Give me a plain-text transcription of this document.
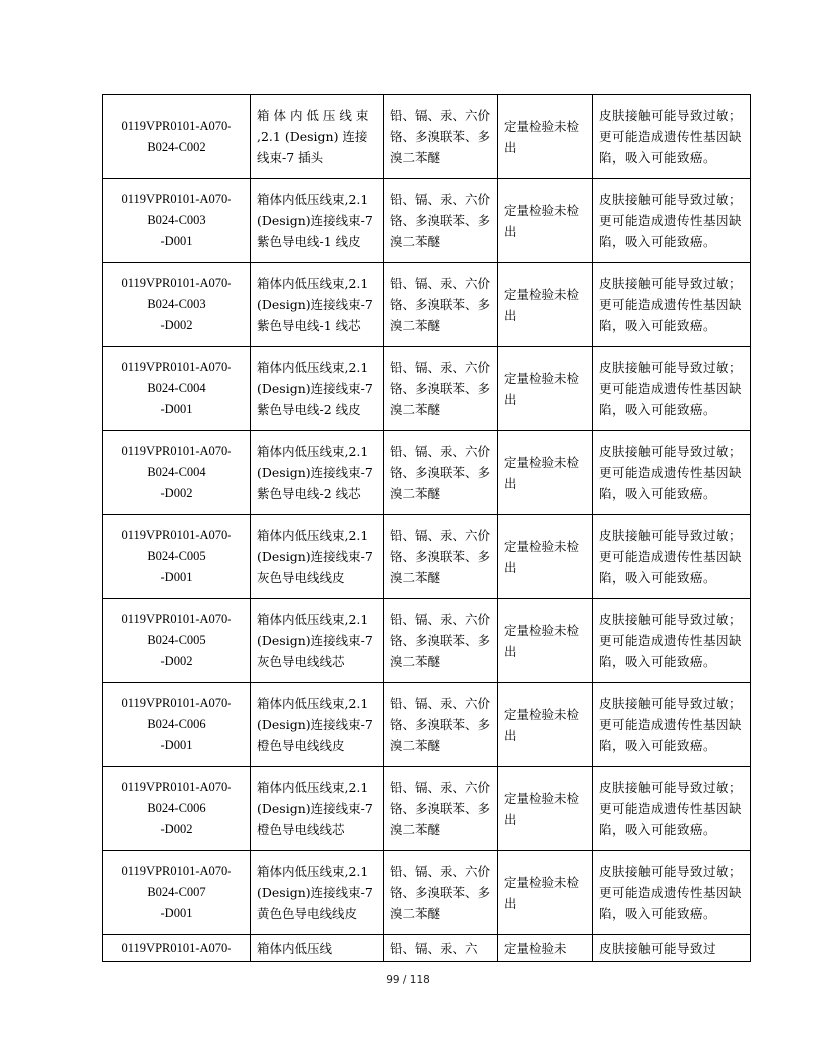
0119VPR0101-A070-
B024-C002	箱 体 内 低 压 线 束 ,2.1 (Design) 连接线束-7 插头	铅、镉、汞、六价铬、多溴联苯、多溴二苯醚	定量检验未检出	皮肤接触可能导致过敏；更可能造成遗传性基因缺陷，吸入可能致癌。

0119VPR0101-A070-
B024-C003
-D001	箱体内低压线束,2.1 (Design)连接线束-7 紫色导电线-1 线皮	铅、镉、汞、六价铬、多溴联苯、多溴二苯醚	定量检验未检出	皮肤接触可能导致过敏；更可能造成遗传性基因缺陷，吸入可能致癌。

0119VPR0101-A070-
B024-C003
-D002	箱体内低压线束,2.1 (Design)连接线束-7 紫色导电线-1 线芯	铅、镉、汞、六价铬、多溴联苯、多溴二苯醚	定量检验未检出	皮肤接触可能导致过敏；更可能造成遗传性基因缺陷，吸入可能致癌。

0119VPR0101-A070-
B024-C004
-D001	箱体内低压线束,2.1 (Design)连接线束-7 紫色导电线-2 线皮	铅、镉、汞、六价铬、多溴联苯、多溴二苯醚	定量检验未检出	皮肤接触可能导致过敏；更可能造成遗传性基因缺陷，吸入可能致癌。

0119VPR0101-A070-
B024-C004
-D002	箱体内低压线束,2.1 (Design)连接线束-7 紫色导电线-2 线芯	铅、镉、汞、六价铬、多溴联苯、多溴二苯醚	定量检验未检出	皮肤接触可能导致过敏；更可能造成遗传性基因缺陷，吸入可能致癌。

0119VPR0101-A070-
B024-C005
-D001	箱体内低压线束,2.1 (Design)连接线束-7 灰色导电线线皮	铅、镉、汞、六价铬、多溴联苯、多溴二苯醚	定量检验未检出	皮肤接触可能导致过敏；更可能造成遗传性基因缺陷，吸入可能致癌。

0119VPR0101-A070-
B024-C005
-D002	箱体内低压线束,2.1 (Design)连接线束-7 灰色导电线线芯	铅、镉、汞、六价铬、多溴联苯、多溴二苯醚	定量检验未检出	皮肤接触可能导致过敏；更可能造成遗传性基因缺陷，吸入可能致癌。

0119VPR0101-A070-
B024-C006
-D001	箱体内低压线束,2.1 (Design)连接线束-7 橙色导电线线皮	铅、镉、汞、六价铬、多溴联苯、多溴二苯醚	定量检验未检出	皮肤接触可能导致过敏；更可能造成遗传性基因缺陷，吸入可能致癌。

0119VPR0101-A070-
B024-C006
-D002	箱体内低压线束,2.1 (Design)连接线束-7 橙色导电线线芯	铅、镉、汞、六价铬、多溴联苯、多溴二苯醚	定量检验未检出	皮肤接触可能导致过敏；更可能造成遗传性基因缺陷，吸入可能致癌。

0119VPR0101-A070-
B024-C007
-D001	箱体内低压线束,2.1 (Design)连接线束-7 黄色色导电线线皮	铅、镉、汞、六价铬、多溴联苯、多溴二苯醚	定量检验未检出	皮肤接触可能导致过敏；更可能造成遗传性基因缺陷，吸入可能致癌。

0119VPR0101-A070-	箱体内低压线	铅、镉、汞、六	定量检验未	皮肤接触可能导致过
99 / 118
